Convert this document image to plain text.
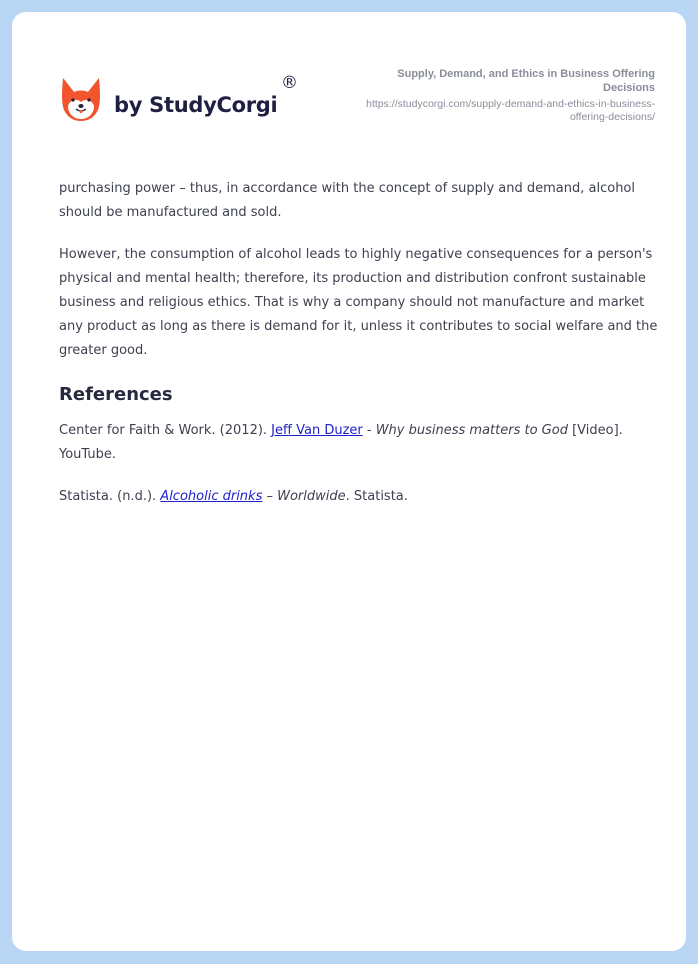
by StudyCorgi
®	Supply, Demand, and Ethics in Business Offering Decisions
https://studycorgi.com/supply-demand-and-ethics-in-business-offering-decisions/

purchasing power – thus, in accordance with the concept of supply and demand, alcohol should be manufactured and sold.

However, the consumption of alcohol leads to highly negative consequences for a person's physical and mental health; therefore, its production and distribution confront sustainable business and religious ethics. That is why a company should not manufacture and market any product as long as there is demand for it, unless it contributes to social welfare and the greater good.

References
Center for Faith & Work. (2012). Jeff Van Duzer - Why business matters to God [Video]. YouTube.
Statista. (n.d.). Alcoholic drinks – Worldwide. Statista.
